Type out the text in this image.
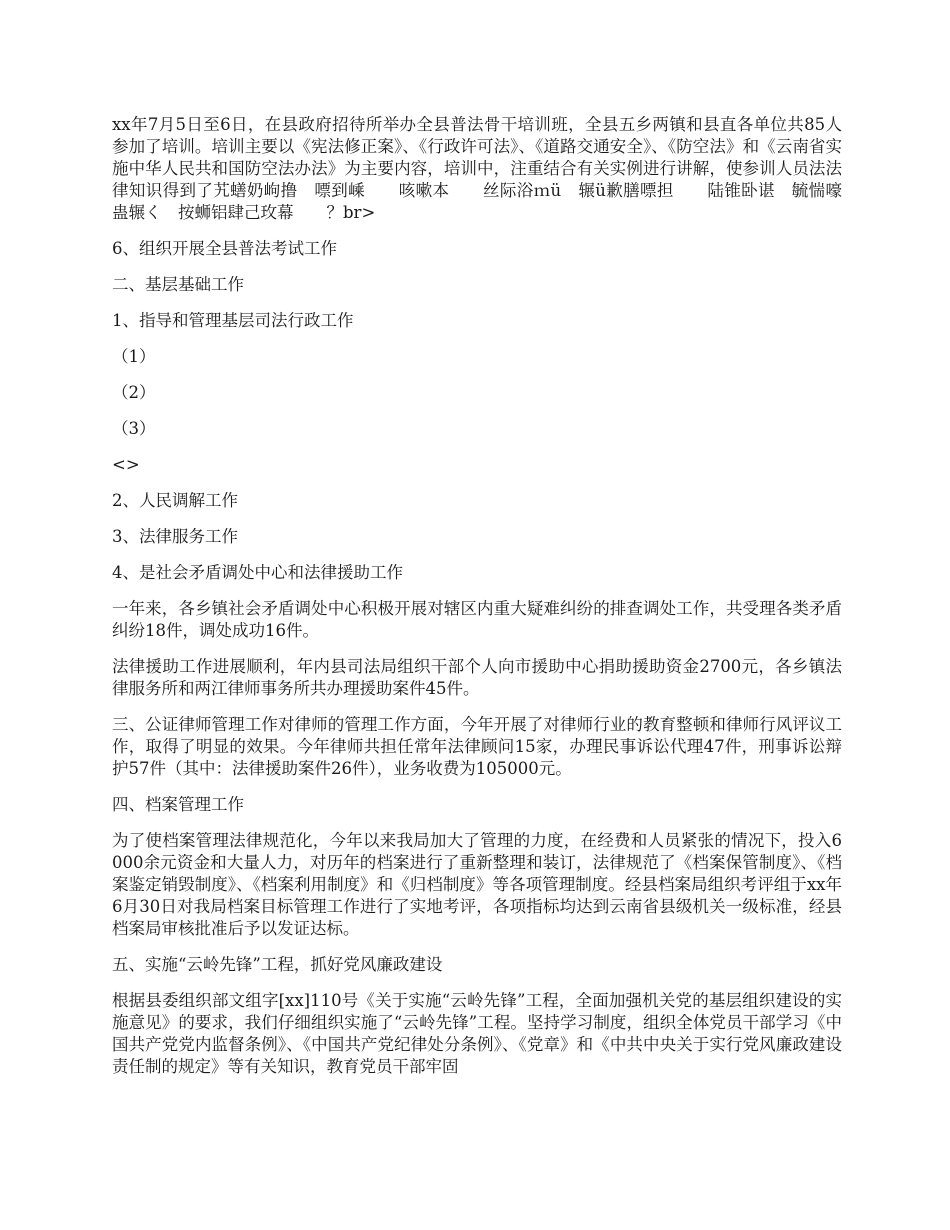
xx年7月5日至6日，在县政府招待所举办全县普法骨干培训班，全县五乡两镇和县直各单位共85人参加了培训。培训主要以《宪法修正案》、《行政许可法》、《道路交通安全》、《防空法》和《云南省实施中华人民共和国防空法办法》为主要内容，培训中，注重结合有关实例进行讲解，使参训人员法法律知识得到了艽蟮奶岣撸　嘌到嵊　　咳嗽本　　丝际浴ｍü　辗ü歉膳嘌担　　陆锥卧谌　毓惴嚎　蛊辗く　按蛳铝肆己玫幕　　？br>

6、组织开展全县普法考试工作

二、基层基础工作

1、指导和管理基层司法行政工作

（1）

（2）

（3）

<>

2、人民调解工作

3、法律服务工作

4、是社会矛盾调处中心和法律援助工作

一年来，各乡镇社会矛盾调处中心积极开展对辖区内重大疑难纠纷的排查调处工作，共受理各类矛盾纠纷18件，调处成功16件。

法律援助工作进展顺利，年内县司法局组织干部个人向市援助中心捐助援助资金2700元，各乡镇法律服务所和两江律师事务所共办理援助案件45件。

三、公证律师管理工作对律师的管理工作方面，今年开展了对律师行业的教育整顿和律师行风评议工作，取得了明显的效果。今年律师共担任常年法律顾问15家，办理民事诉讼代理47件，刑事诉讼辩护57件（其中：法律援助案件26件），业务收费为105000元。

四、档案管理工作

为了使档案管理法律规范化，今年以来我局加大了管理的力度，在经费和人员紧张的情况下，投入6000余元资金和大量人力，对历年的档案进行了重新整理和装订，法律规范了《档案保管制度》、《档案鉴定销毁制度》、《档案利用制度》和《归档制度》等各项管理制度。经县档案局组织考评组于xx年6月30日对我局档案目标管理工作进行了实地考评，各项指标均达到云南省县级机关一级标准，经县档案局审核批准后予以发证达标。

五、实施“云岭先锋”工程，抓好党风廉政建设

根据县委组织部文组字[xx]110号《关于实施“云岭先锋”工程，全面加强机关党的基层组织建设的实施意见》的要求，我们仔细组织实施了“云岭先锋”工程。坚持学习制度，组织全体党员干部学习《中国共产党党内监督条例》、《中国共产党纪律处分条例》、《党章》和《中共中央关于实行党风廉政建设责任制的规定》等有关知识，教育党员干部牢固
